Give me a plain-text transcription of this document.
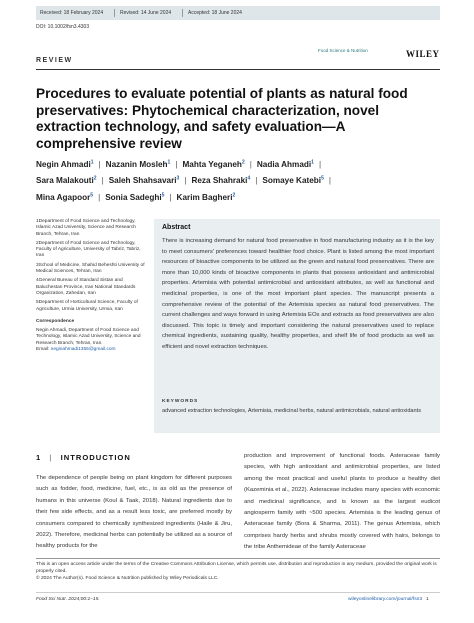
Received: 18 February 2024	Revised: 14 June 2024	Accepted: 18 June 2024
DOI: 10.1002/fsn3.4303
Food Science & Nutrition	WILEY
REVIEW
Procedures to evaluate potential of plants as natural food preservatives: Phytochemical characterization, novel extraction technology, and safety evaluation—A comprehensive review
Negin Ahmadi$^1$ | Nazanin Mosleh$^1$ | Mahta Yeganeh$^2$ | Nadia Ahmadi$^1$ |
Sara Malakouti$^2$ | Saleh Shahsavari$^3$ | Reza Shahraki$^4$ | Somaye Katebi$^5$ |
Mina Agapoor$^5$ | Sonia Sadeghi$^5$ | Karim Bagheri$^2$

1Department of Food Science and Technology, Islamic Azad University, Science and Research Branch, Tehran, Iran

2Department of Food Science and Technology, Faculty of Agriculture, University of Tabriz, Tabriz, Iran

3School of Medicine, Shahid Beheshti University of Medical Sciences, Tehran, Iran

4General Bureau of Standard Sistan and Baluchestan Province, Iran National Standards Organization, Zahedan, Iran

5Department of Horticultural Science, Faculty of Agriculture, Urmia University, Urmia, Iran

Correspondence

Negin Ahmadi, Department of Food Science and Technology, Islamic Azad University, Science and Research Branch, Tehran, Iran.

Email: neginahmadi1355@gmail.com

Abstract
There is increasing demand for natural food preservative in food manufacturing industry as it is the key to meet consumers' preferences toward healthier food choice. Plant is listed among the most important resources of bioactive components to be utilized as the green and natural food preservatives. There are more than 10,000 kinds of bioactive components in plants that possess antioxidant and antimicrobial properties. Artemisia with potential antimicrobial and antioxidant attributes, as well as functional and medicinal properties, is one of the most important plant species. The manuscript presents a comprehensive review of the potential of the Artemisia species as natural food preservatives. The current challenges and ways forward in using Artemisia EOs and extracts as food preservatives are also discussed. This topic is timely and important considering the natural preservatives used to replace chemical ingredients, sustaining quality, healthy properties, and shelf life of food products as well as efficient and novel extraction techniques.
KEYWORDS
advanced extraction technologies, Artemisia, medicinal herbs, natural antimicrobials, natural antioxidants
1 | INTRODUCTION
The dependence of people being on plant kingdom for different purposes such as fodder, food, medicine, fuel, etc., is as old as the presence of humans in this universe (Koul & Taak, 2018). Natural ingredients due to their few side effects, and as a result less toxic, are preferred mostly by consumers compared to chemically synthesized ingredients (Haile & Jiru, 2022). Therefore, medicinal herbs can potentially be utilized as a source of healthy products for the
production and improvement of functional foods. Asteraceae family species, with high antioxidant and antimicrobial properties, are listed among the most practical and useful plants to produce a healthy diet (Kazeminia et al., 2022). Asteraceae includes many species with economic and medicinal significance, and is known as the largest eudicot angiosperm family with ~500 species. Artemisia is the leading genus of Asteraceae family (Bora & Sharma, 2011). The genus Artemisia, which comprises hardy herbs and shrubs mostly covered with hairs, belongs to the tribe Anthemideae of the family Asteraceae
This is an open access article under the terms of the Creative Commons Attribution License, which permits use, distribution and reproduction in any medium, provided the original work is properly cited.
© 2024 The Author(s). Food Science & Nutrition published by Wiley Periodicals LLC.
Food Sci Nutr. 2024;00:1–15.	wileyonlinelibrary.com/journal/fsn3 1
